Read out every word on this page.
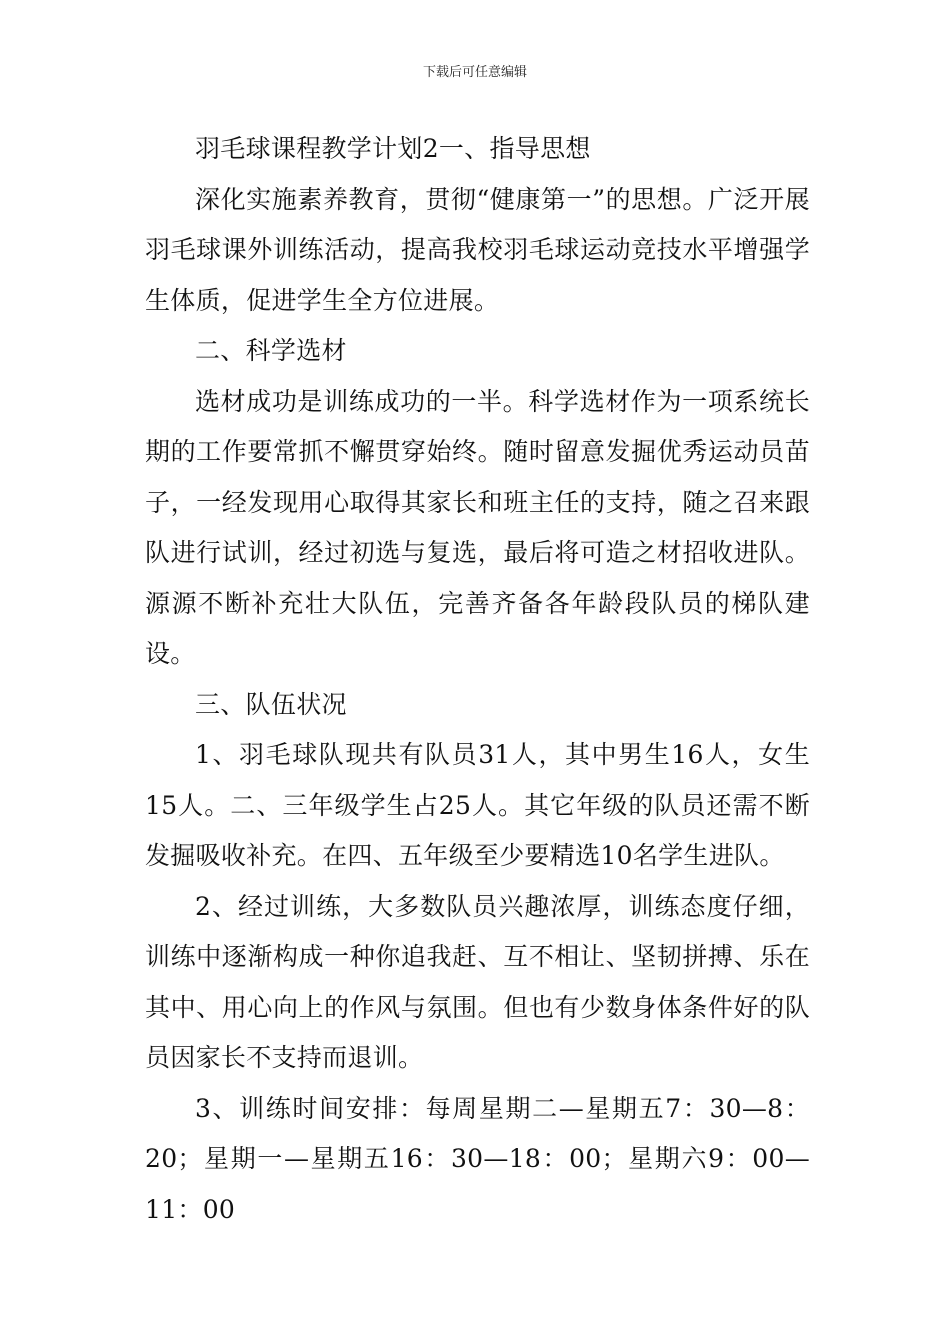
下载后可任意编辑

羽毛球课程教学计划2一、指导思想

深化实施素养教育，贯彻“健康第一”的思想。广泛开展羽毛球课外训练活动，提高我校羽毛球运动竞技水平增强学生体质，促进学生全方位进展。

二、科学选材

选材成功是训练成功的一半。科学选材作为一项系统长期的工作要常抓不懈贯穿始终。随时留意发掘优秀运动员苗子，一经发现用心取得其家长和班主任的支持，随之召来跟队进行试训，经过初选与复选，最后将可造之材招收进队。源源不断补充壮大队伍，完善齐备各年龄段队员的梯队建设。

三、队伍状况

1、羽毛球队现共有队员31人，其中男生16人，女生15人。二、三年级学生占25人。其它年级的队员还需不断发掘吸收补充。在四、五年级至少要精选10名学生进队。

2、经过训练，大多数队员兴趣浓厚，训练态度仔细，训练中逐渐构成一种你追我赶、互不相让、坚韧拼搏、乐在其中、用心向上的作风与氛围。但也有少数身体条件好的队员因家长不支持而退训。

3、训练时间安排：每周星期二—星期五7：30—8：20；星期一—星期五16：30—18：00；星期六9：00—11：00
